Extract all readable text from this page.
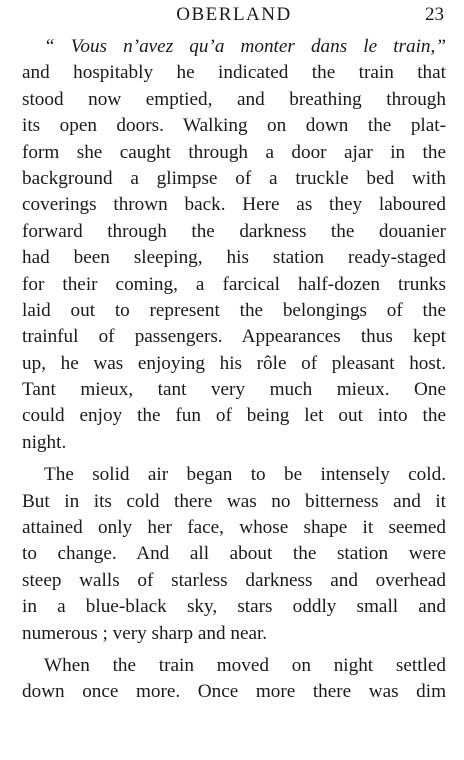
OBERLAND	23
“ Vous n’avez qu’a monter dans le train,”
and hospitably he indicated the train that
stood now emptied, and breathing through
its open doors. Walking on down the plat-
form she caught through a door ajar in the
background a glimpse of a truckle bed with
coverings thrown back. Here as they laboured
forward through the darkness the douanier
had been sleeping, his station ready-staged
for their coming, a farcical half-dozen trunks
laid out to represent the belongings of the
trainful of passengers. Appearances thus kept
up, he was enjoying his rôle of pleasant host.
Tant mieux, tant very much mieux. One
could enjoy the fun of being let out into the
night.
The solid air began to be intensely cold.
But in its cold there was no bitterness and it
attained only her face, whose shape it seemed
to change. And all about the station were
steep walls of starless darkness and overhead
in a blue-black sky, stars oddly small and
numerous ; very sharp and near.
When the train moved on night settled
down once more. Once more there was dim
